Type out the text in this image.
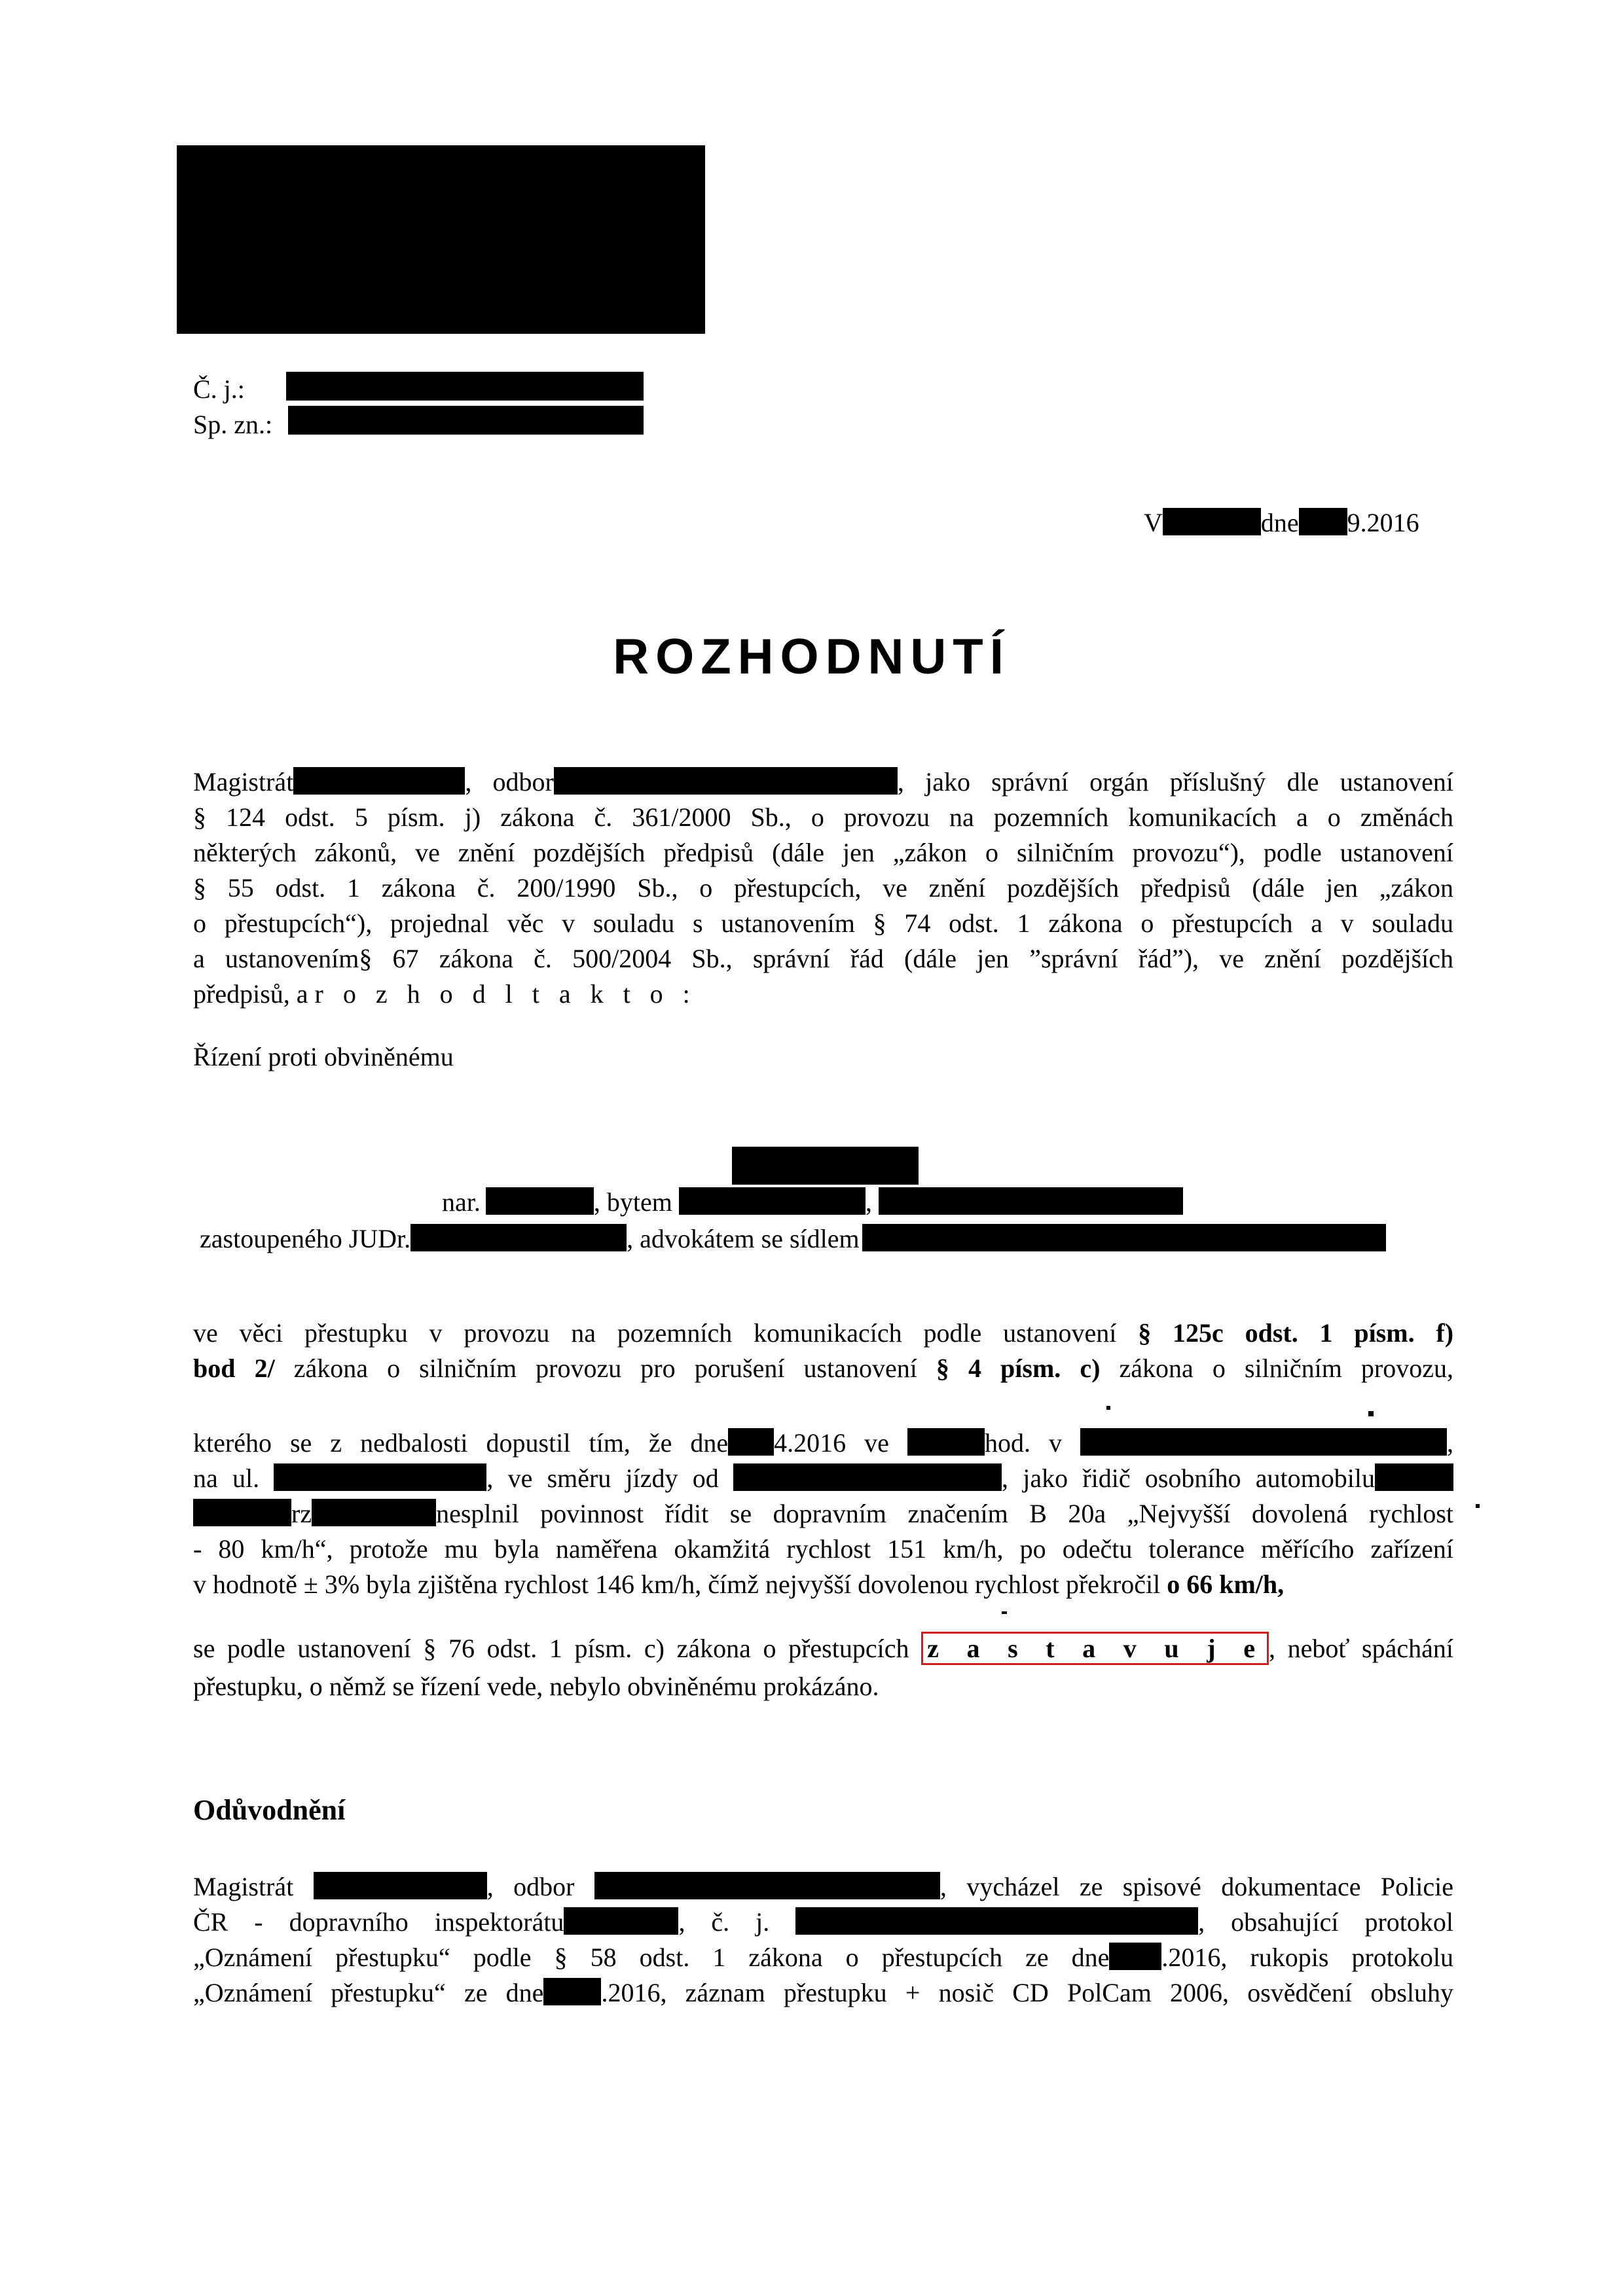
Č. j.:
Sp. zn.:
V	dne 9.2016
ROZHODNUTÍ
Magistrát	, odbor	, jako správní orgán příslušný dle ustanovení
§ 124 odst. 5 písm. j) zákona č. 361/2000 Sb., o provozu na pozemních komunikacích a o změnách
některých zákonů, ve znění pozdějších předpisů (dále jen „zákon o silničním provozu“), podle ustanovení
§ 55 odst. 1 zákona č. 200/1990 Sb., o přestupcích, ve znění pozdějších předpisů (dále jen „zákon
o přestupcích“), projednal věc v souladu s ustanovením § 74 odst. 1 zákona o přestupcích a v souladu
a ustanovením§ 67 zákona č. 500/2004 Sb., správní řád (dále jen ”správní řád”), ve znění pozdějších
předpisů, a r o z h o d l t a k t o :
Řízení proti obviněnému
nar.	, bytem	,
zastoupeného JUDr.	, advokátem se sídlem
ve věci přestupku v provozu na pozemních komunikacích podle ustanovení § 125c odst. 1 písm. f)
bod 2/ zákona o silničním provozu pro porušení ustanovení § 4 písm. c) zákona o silničním provozu,
kterého se z nedbalosti dopustil tím, že dne 4.2016 ve	hod. v	,
na ul.	, ve směru jízdy od	, jako řidič osobního automobilu
rz	nesplnil povinnost řídit se dopravním značením B 20a „Nejvyšší dovolená rychlost
- 80 km/h“, protože mu byla naměřena okamžitá rychlost 151 km/h, po odečtu tolerance měřícího zařízení
v hodnotě ± 3% byla zjištěna rychlost 146 km/h, čímž nejvyšší dovolenou rychlost překročil o 66 km/h,
se podle ustanovení § 76 odst. 1 písm. c) zákona o přestupcích z a s t a v u j e , neboť spáchání
přestupku, o němž se řízení vede, nebylo obviněnému prokázáno.
Odůvodnění
Magistrát	, odbor	, vycházel ze spisové dokumentace Policie
ČR - dopravního inspektorátu	, č. j.	, obsahující protokol
„Oznámení přestupku“ podle § 58 odst. 1 zákona o přestupcích ze dne .2016, rukopis protokolu
„Oznámení přestupku“ ze dne .2016, záznam přestupku + nosič CD PolCam 2006, osvědčení obsluhy
